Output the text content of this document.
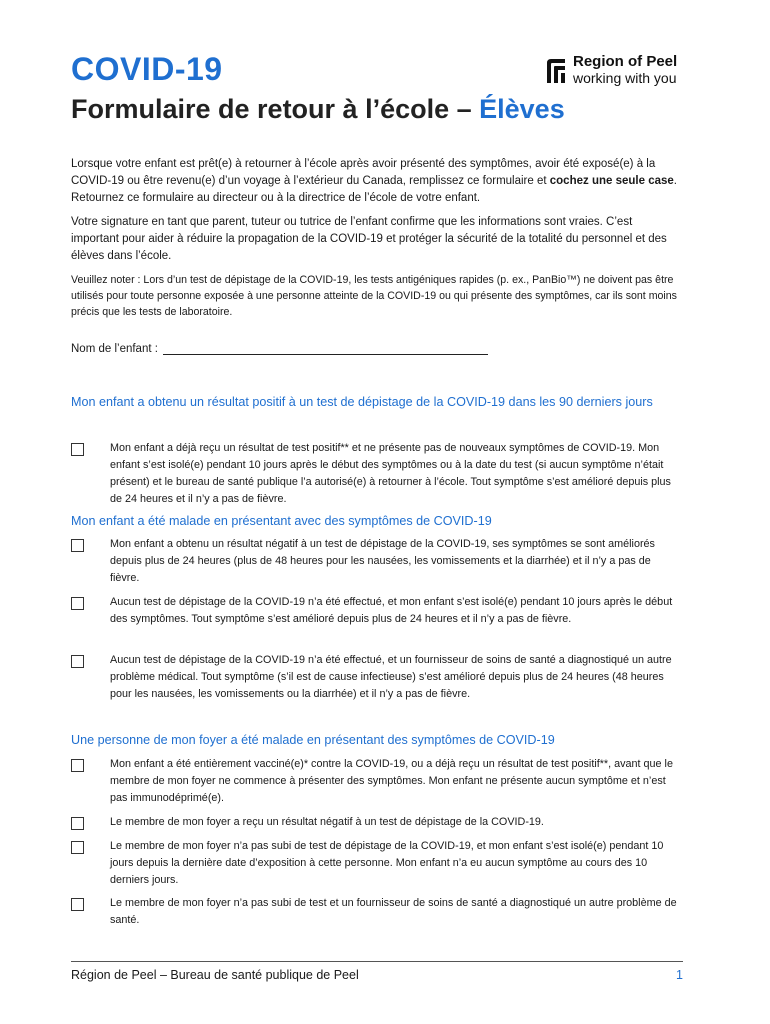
COVID-19
Formulaire de retour à l’école – Élèves
Region of Peel
working with you

Lorsque votre enfant est prêt(e) à retourner à l’école après avoir présenté des symptômes, avoir été exposé(e) à la COVID-19 ou être revenu(e) d’un voyage à l’extérieur du Canada, remplissez ce formulaire et cochez une seule case. Retournez ce formulaire au directeur ou à la directrice de l’école de votre enfant.

Votre signature en tant que parent, tuteur ou tutrice de l’enfant confirme que les informations sont vraies. C’est important pour aider à réduire la propagation de la COVID-19 et protéger la sécurité de la totalité du personnel et des élèves dans l’école.

Veuillez noter : Lors d’un test de dépistage de la COVID-19, les tests antigéniques rapides (p. ex., PanBio™) ne doivent pas être utilisés pour toute personne exposée à une personne atteinte de la COVID-19 ou qui présente des symptômes, car ils sont moins précis que les tests de laboratoire.

Nom de l’enfant :
Mon enfant a obtenu un résultat positif à un test de dépistage de la COVID-19 dans les 90 derniers jours
Mon enfant a déjà reçu un résultat de test positif** et ne présente pas de nouveaux symptômes de COVID-19. Mon enfant s’est isolé(e) pendant 10 jours après le début des symptômes ou à la date du test (si aucun symptôme n’était présent) et le bureau de santé publique l’a autorisé(e) à retourner à l’école. Tout symptôme s’est amélioré depuis plus de 24 heures et il n’y a pas de fièvre.
Mon enfant a été malade en présentant avec des symptômes de COVID-19
Mon enfant a obtenu un résultat négatif à un test de dépistage de la COVID-19, ses symptômes se sont améliorés depuis plus de 24 heures (plus de 48 heures pour les nausées, les vomissements et la diarrhée) et il n’y a pas de fièvre.
Aucun test de dépistage de la COVID-19 n’a été effectué, et mon enfant s’est isolé(e) pendant 10 jours après le début des symptômes. Tout symptôme s’est amélioré depuis plus de 24 heures et il n’y a pas de fièvre.
Aucun test de dépistage de la COVID-19 n’a été effectué, et un fournisseur de soins de santé a diagnostiqué un autre problème médical. Tout symptôme (s’il est de cause infectieuse) s’est amélioré depuis plus de 24 heures (48 heures pour les nausées, les vomissements ou la diarrhée) et il n’y a pas de fièvre.
Une personne de mon foyer a été malade en présentant des symptômes de COVID-19
Mon enfant a été entièrement vacciné(e)* contre la COVID-19, ou a déjà reçu un résultat de test positif**, avant que le membre de mon foyer ne commence à présenter des symptômes. Mon enfant ne présente aucun symptôme et n’est pas immunodéprimé(e).
Le membre de mon foyer a reçu un résultat négatif à un test de dépistage de la COVID-19.
Le membre de mon foyer n’a pas subi de test de dépistage de la COVID-19, et mon enfant s’est isolé(e) pendant 10 jours depuis la dernière date d’exposition à cette personne. Mon enfant n’a eu aucun symptôme au cours des 10 derniers jours.
Le membre de mon foyer n’a pas subi de test et un fournisseur de soins de santé a diagnostiqué un autre problème de santé.
Région de Peel – Bureau de santé publique de Peel	1
